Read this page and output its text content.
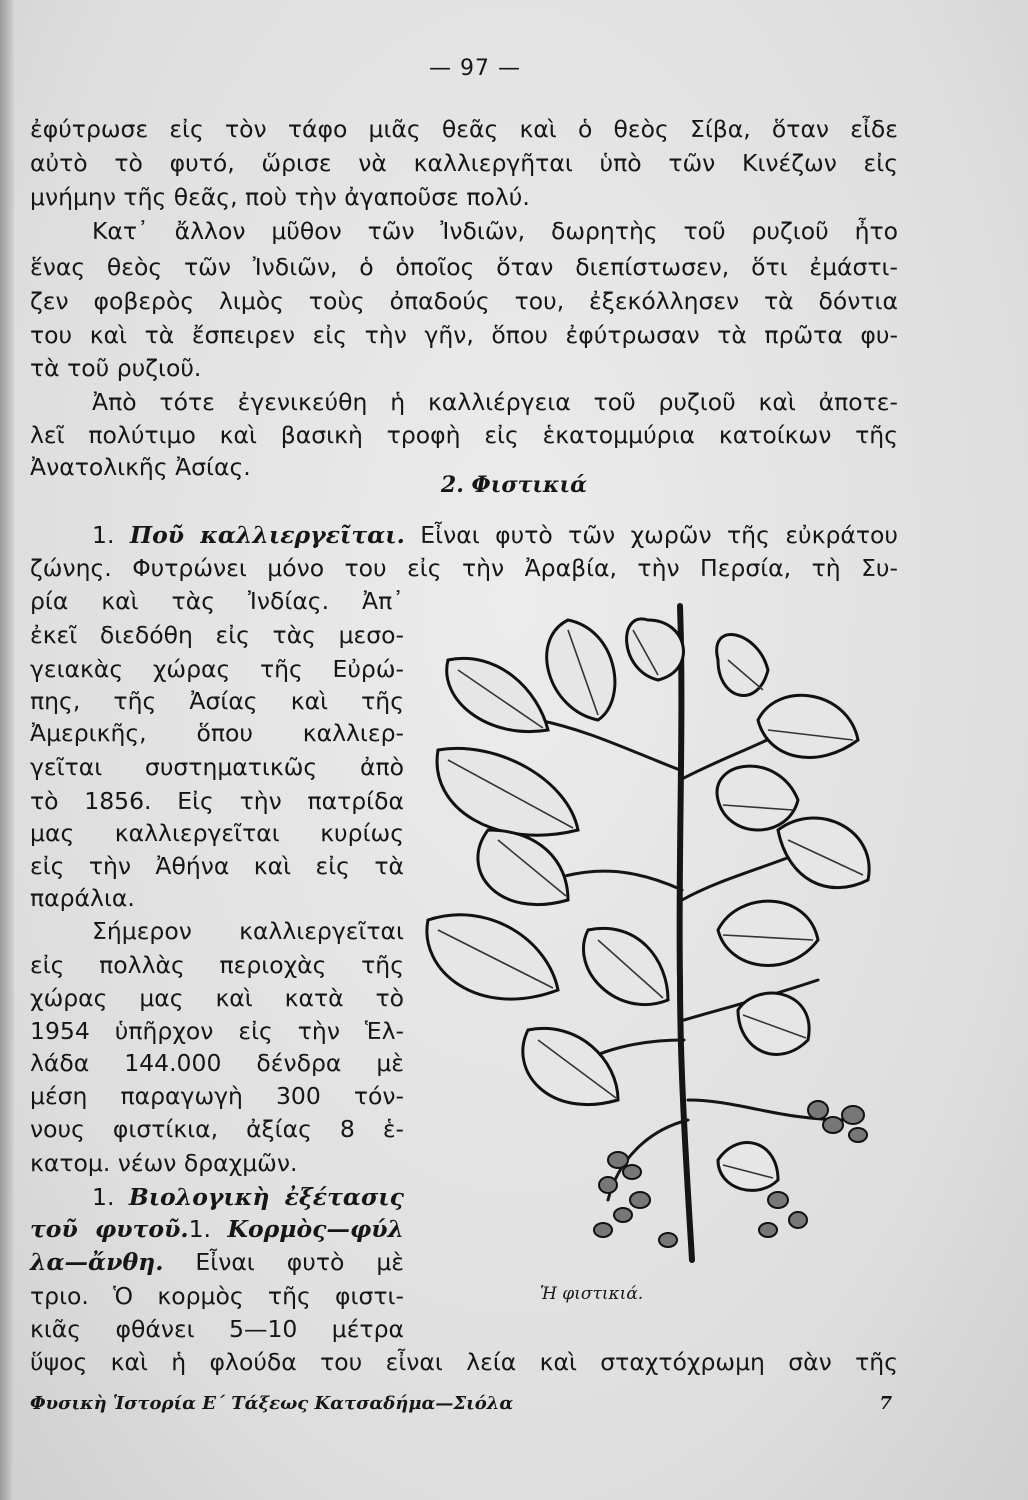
— 97 —
ἐφύτρωσε εἰς τὸν τάφο μιᾶς θεᾶς καὶ ὁ θεὸς Σίβα, ὅταν εἶδε
αὐτὸ τὸ φυτό, ὥρισε νὰ καλλιεργῆται ὑπὸ τῶν Κινέζων εἰς
μνήμην τῆς θεᾶς, ποὺ τὴν ἀγαποῦσε πολύ.
Κατ᾿ ἄλλον μῦθον τῶν Ἰνδιῶν, δωρητὴς τοῦ ρυζιοῦ ἦτο
ἕνας θεὸς τῶν Ἰνδιῶν, ὁ ὁποῖος ὅταν διεπίστωσεν, ὅτι ἐμάστι-
ζεν φοβερὸς λιμὸς τοὺς ὀπαδούς του, ἐξεκόλλησεν τὰ δόντια
του καὶ τὰ ἔσπειρεν εἰς τὴν γῆν, ὅπου ἐφύτρωσαν τὰ πρῶτα φυ-
τὰ τοῦ ρυζιοῦ.
Ἀπὸ τότε ἐγενικεύθη ἡ καλλιέργεια τοῦ ρυζιοῦ καὶ ἀποτε-
λεῖ πολύτιμο καὶ βασικὴ τροφὴ εἰς ἑκατομμύρια κατοίκων τῆς
Ἀνατολικῆς Ἀσίας.
2. Φιστικιά
1. Ποῦ καλλιεργεῖται. Εἶναι φυτὸ τῶν χωρῶν τῆς εὐκράτου
ζώνης. Φυτρώνει μόνο του εἰς τὴν Ἀραβία, τὴν Περσία, τὴ Συ-
ρία καὶ τὰς Ἰνδίας. Ἀπ᾿
ἐκεῖ διεδόθη εἰς τὰς μεσο-
γειακὰς χώρας τῆς Εὐρώ-
πης, τῆς Ἀσίας καὶ τῆς
Ἀμερικῆς, ὅπου καλλιερ-
γεῖται συστηματικῶς ἀπὸ
τὸ 1856. Εἰς τὴν πατρίδα
μας καλλιεργεῖται κυρίως
εἰς τὴν Ἀθήνα καὶ εἰς τὰ
παράλια.
Σήμερον καλλιεργεῖται
εἰς πολλὰς περιοχὰς τῆς
χώρας μας καὶ κατὰ τὸ
1954 ὑπῆρχον εἰς τὴν Ἑλ-
λάδα 144.000 δένδρα μὲ
μέση παραγωγὴ 300 τόν-
νους φιστίκια, ἀξίας 8 ἑ-
κατομ. νέων δραχμῶν.
1. Βιολογικὴ ἐξέτασις
τοῦ φυτοῦ.1. Κορμὸς—φύλ
λα—ἄνθη. Εἶναι φυτὸ μὲ
τριο. Ὁ κορμὸς τῆς φιστι-
κιᾶς φθάνει 5—10 μέτρα
ὕψος καὶ ἡ φλούδα του εἶναι λεία καὶ σταχτόχρωμη σὰν τῆς
Ἡ φιστικιά.
Φυσικὴ Ἱστορία Ε΄ Τάξεως Κατσαδήμα—Σιόλα	7
